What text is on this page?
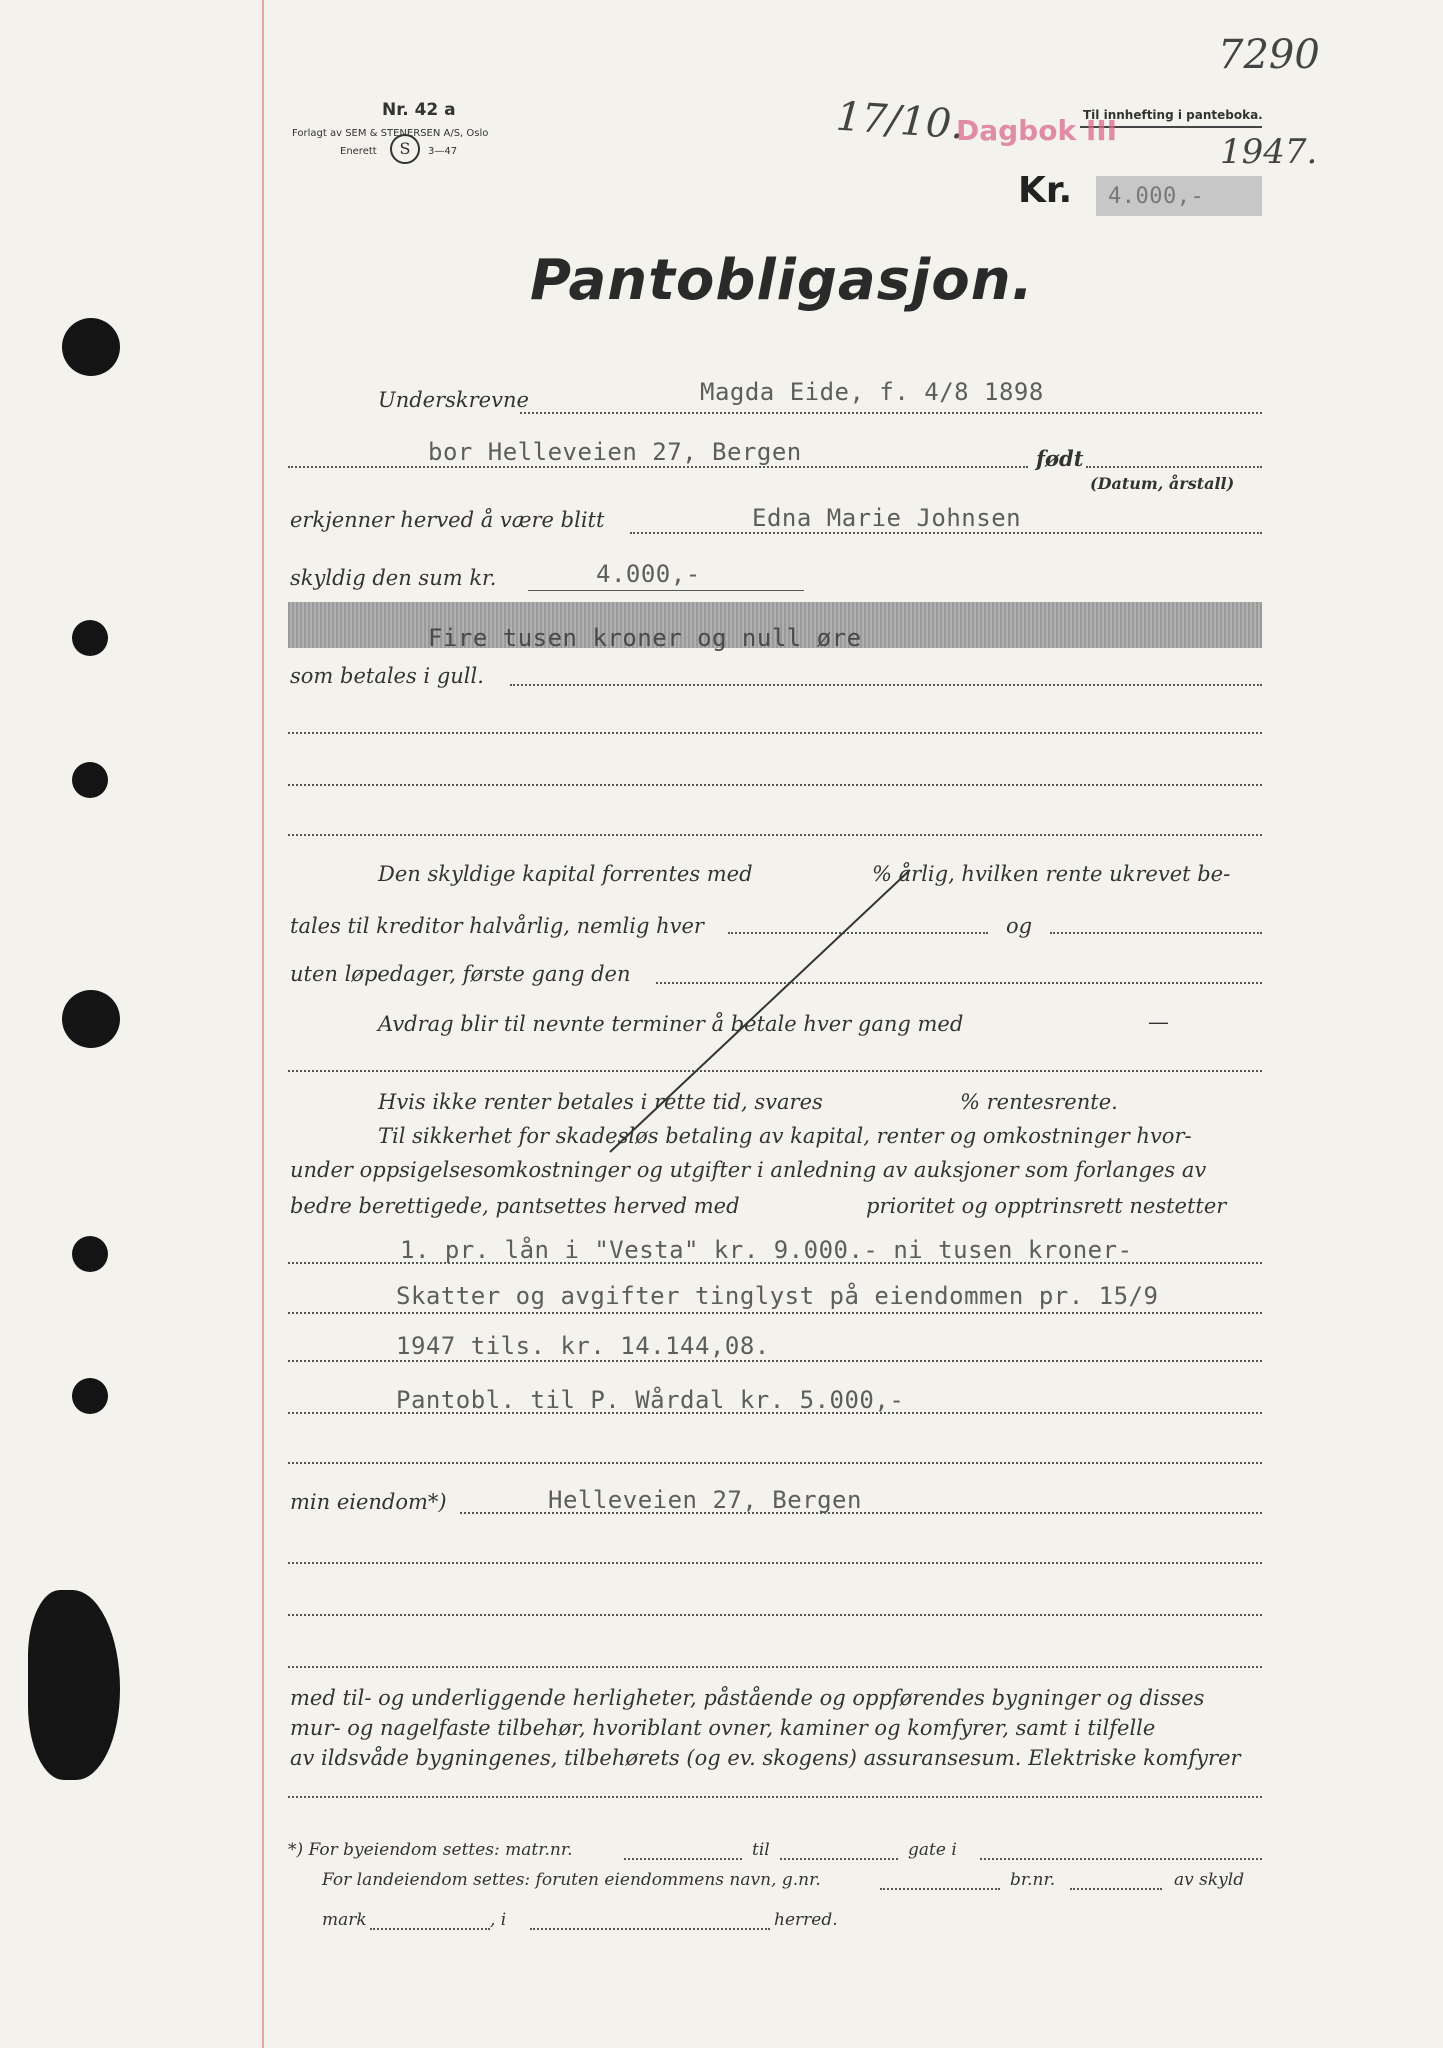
Nr. 42 a
Forlagt av SEM & STENERSEN A/S, Oslo
Enerett	S	3—47
Til innhefting i panteboka.
7290
17/10.
Dagbok III
1947.
Kr. 4.000,-
Pantobligasjon.
Underskrevne	Magda Eide, f. 4/8 1898
bor Helleveien 27, Bergen	født
(Datum, årstall)
erkjenner herved å være blitt	Edna Marie Johnsen
skyldig den sum kr.	4.000,-
Fire tusen kroner og null øre
som betales i gull.
Den skyldige kapital forrentes med	% årlig, hvilken rente ukrevet be-
tales til kreditor halvårlig, nemlig hver	og
uten løpedager, første gang den
Avdrag blir til nevnte terminer å betale hver gang med	—
Hvis ikke renter betales i rette tid, svares	% rentesrente.
Til sikkerhet for skadesløs betaling av kapital, renter og omkostninger hvor-
under oppsigelsesomkostninger og utgifter i anledning av auksjoner som forlanges av
bedre berettigede, pantsettes herved med	prioritet og opptrinsrett nestetter
1. pr. lån i "Vesta" kr. 9.000.- ni tusen kroner-
Skatter og avgifter tinglyst på eiendommen pr. 15/9
1947 tils. kr. 14.144,08.
Pantobl. til P. Wårdal kr. 5.000,-
min eiendom*)	Helleveien 27, Bergen
med til- og underliggende herligheter, påstående og oppførendes bygninger og disses
mur- og nagelfaste tilbehør, hvoriblant ovner, kaminer og komfyrer, samt i tilfelle
av ildsvåde bygningenes, tilbehørets (og ev. skogens) assuransesum. Elektriske komfyrer
*) For byeiendom settes: matr.nr.	til	gate i
For landeiendom settes: foruten eiendommens navn, g.nr.	br.nr.	av skyld
mark	, i	herred.
